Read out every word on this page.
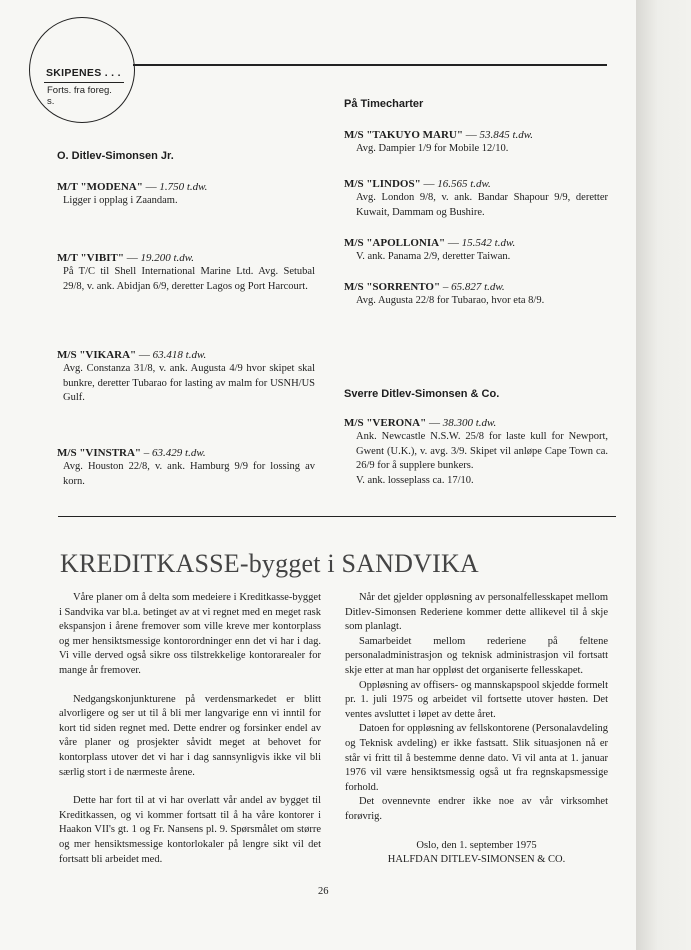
SKIPENES . . .
Forts. fra foreg. s.
O. Ditlev-Simonsen Jr.
M/T "MODENA" — 1.750 t.dw.
Ligger i opplag i Zaandam.
M/T "VIBIT" — 19.200 t.dw.
På T/C til Shell International Marine Ltd. Avg. Setubal 29/8, v. ank. Abidjan 6/9, deretter Lagos og Port Harcourt.
M/S "VIKARA" — 63.418 t.dw.
Avg. Constanza 31/8, v. ank. Augusta 4/9 hvor skipet skal bunkre, deretter Tubarao for lasting av malm for USNH/US Gulf.
M/S "VINSTRA" – 63.429 t.dw.
Avg. Houston 22/8, v. ank. Hamburg 9/9 for lossing av korn.
På Timecharter
M/S "TAKUYO MARU" — 53.845 t.dw.
Avg. Dampier 1/9 for Mobile 12/10.
M/S "LINDOS" — 16.565 t.dw.
Avg. London 9/8, v. ank. Bandar Shapour 9/9, deretter Kuwait, Dammam og Bushire.
M/S "APOLLONIA" — 15.542 t.dw.
V. ank. Panama 2/9, deretter Taiwan.
M/S "SORRENTO" – 65.827 t.dw.
Avg. Augusta 22/8 for Tubarao, hvor eta 8/9.
Sverre Ditlev-Simonsen & Co.
M/S "VERONA" — 38.300 t.dw.
Ank. Newcastle N.S.W. 25/8 for laste kull for Newport, Gwent (U.K.), v. avg. 3/9. Skipet vil anløpe Cape Town ca. 26/9 for å supplere bunkers.
V. ank. losseplass ca. 17/10.
KREDITKASSE-bygget i SANDVIKA

Våre planer om å delta som medeiere i Kreditkasse-bygget i Sandvika var bl.a. betinget av at vi regnet med en meget rask ekspansjon i årene fremover som ville kreve mer kontorplass og mer hensiktsmessige kontorordninger enn det vi har i dag. Vi ville derved også sikre oss tilstrekkelige kontorarealer for mange år fremover.

Nedgangskonjunkturene på verdensmarkedet er blitt alvorligere og ser ut til å bli mer langvarige enn vi inntil for kort tid siden regnet med. Dette endrer og forsinker endel av våre planer og prosjekter såvidt meget at behovet for kontorplass utover det vi har i dag sannsynligvis ikke vil bli særlig stort i de nærmeste årene.

Dette har fort til at vi har overlatt vår andel av bygget til Kreditkassen, og vi kommer fortsatt til å ha våre kontorer i Haakon VII's gt. 1 og Fr. Nansens pl. 9. Spørsmålet om større og mer hensiktsmessige kontorlokaler på lengre sikt vil det fortsatt bli arbeidet med.

Når det gjelder oppløsning av personalfellesskapet mellom Ditlev-Simonsen Rederiene kommer dette allikevel til å skje som planlagt.

Samarbeidet mellom rederiene på feltene personaladministrasjon og teknisk administrasjon vil fortsatt skje etter at man har oppløst det organiserte fellesskapet.

Oppløsning av offisers- og mannskapspool skjedde formelt pr. 1. juli 1975 og arbeidet vil fortsette utover høsten. Det ventes avsluttet i løpet av dette året.

Datoen for oppløsning av fellskontorene (Personalavdeling og Teknisk avdeling) er ikke fastsatt. Slik situasjonen nå er står vi fritt til å bestemme denne dato. Vi vil anta at 1. januar 1976 vil være hensiktsmessig også ut fra regnskapsmessige forhold.

Det ovennevnte endrer ikke noe av vår virksomhet forøvrig.

Oslo, den 1. september 1975

HALFDAN DITLEV-SIMONSEN & CO.

26
